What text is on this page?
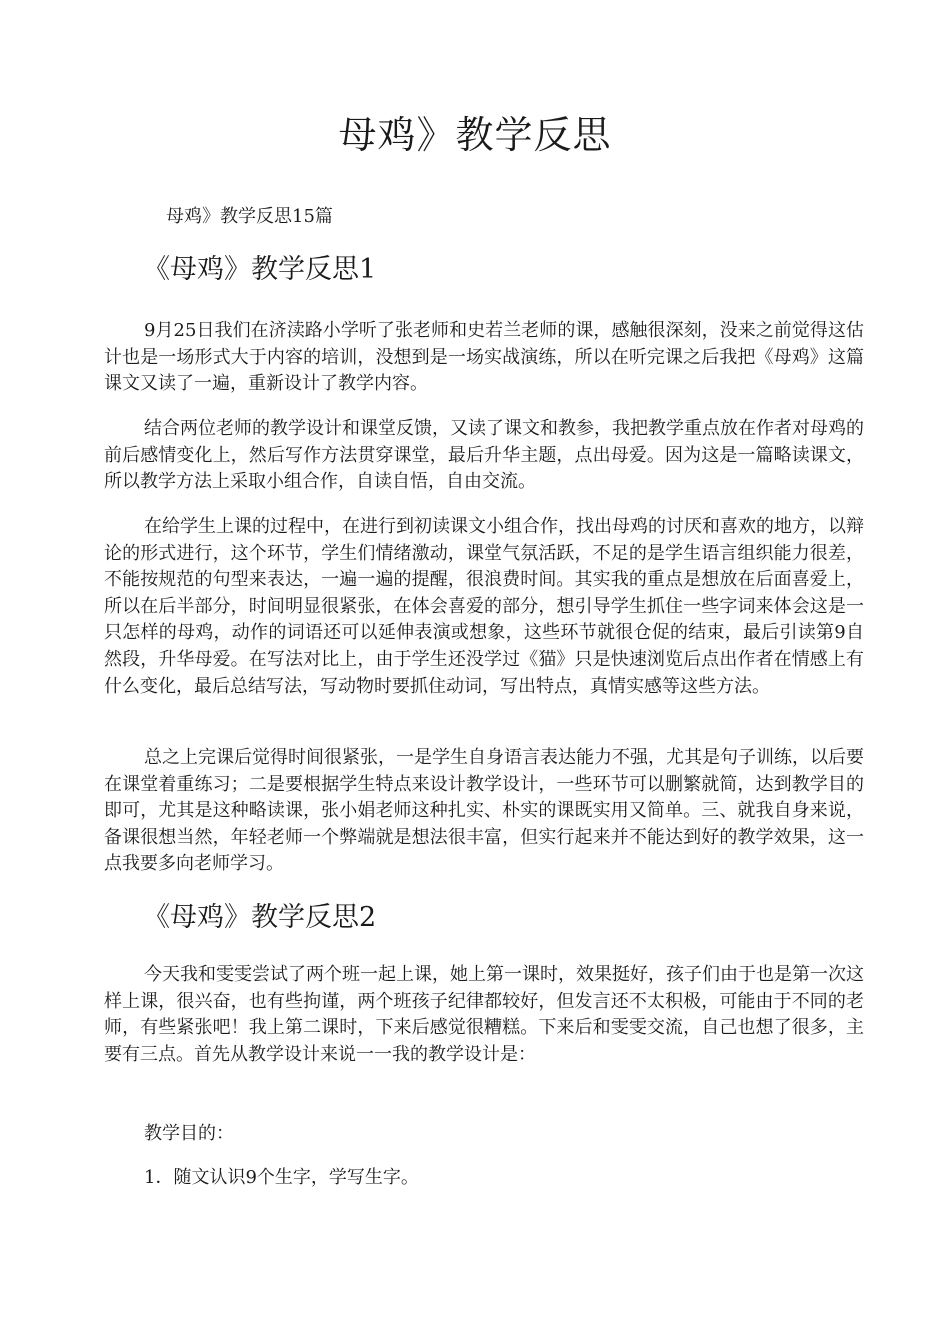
母鸡》教学反思

母鸡》教学反思15篇

《母鸡》教学反思1

9月25日我们在济渎路小学听了张老师和史若兰老师的课，感触很深刻，没来之前觉得这估计也是一场形式大于内容的培训，没想到是一场实战演练，所以在听完课之后我把《母鸡》这篇课文又读了一遍，重新设计了教学内容。

结合两位老师的教学设计和课堂反馈，又读了课文和教参，我把教学重点放在作者对母鸡的前后感情变化上，然后写作方法贯穿课堂，最后升华主题，点出母爱。因为这是一篇略读课文，所以教学方法上采取小组合作，自读自悟，自由交流。

在给学生上课的过程中，在进行到初读课文小组合作，找出母鸡的讨厌和喜欢的地方，以辩论的形式进行，这个环节，学生们情绪激动，课堂气氛活跃，不足的是学生语言组织能力很差，不能按规范的句型来表达，一遍一遍的提醒，很浪费时间。其实我的重点是想放在后面喜爱上，所以在后半部分，时间明显很紧张，在体会喜爱的部分，想引导学生抓住一些字词来体会这是一只怎样的母鸡，动作的词语还可以延伸表演或想象，这些环节就很仓促的结束，最后引读第9自然段，升华母爱。在写法对比上，由于学生还没学过《猫》只是快速浏览后点出作者在情感上有什么变化，最后总结写法，写动物时要抓住动词，写出特点，真情实感等这些方法。

总之上完课后觉得时间很紧张，一是学生自身语言表达能力不强，尤其是句子训练，以后要在课堂着重练习；二是要根据学生特点来设计教学设计，一些环节可以删繁就简，达到教学目的即可，尤其是这种略读课，张小娟老师这种扎实、朴实的课既实用又简单。三、就我自身来说，备课很想当然，年轻老师一个弊端就是想法很丰富，但实行起来并不能达到好的教学效果，这一点我要多向老师学习。

《母鸡》教学反思2

今天我和雯雯尝试了两个班一起上课，她上第一课时，效果挺好，孩子们由于也是第一次这样上课，很兴奋，也有些拘谨，两个班孩子纪律都较好，但发言还不太积极，可能由于不同的老师，有些紧张吧！我上第二课时，下来后感觉很糟糕。下来后和雯雯交流，自己也想了很多，主要有三点。首先从教学设计来说一一我的教学设计是：

教学目的：

1．随文认识9个生字，学写生字。
